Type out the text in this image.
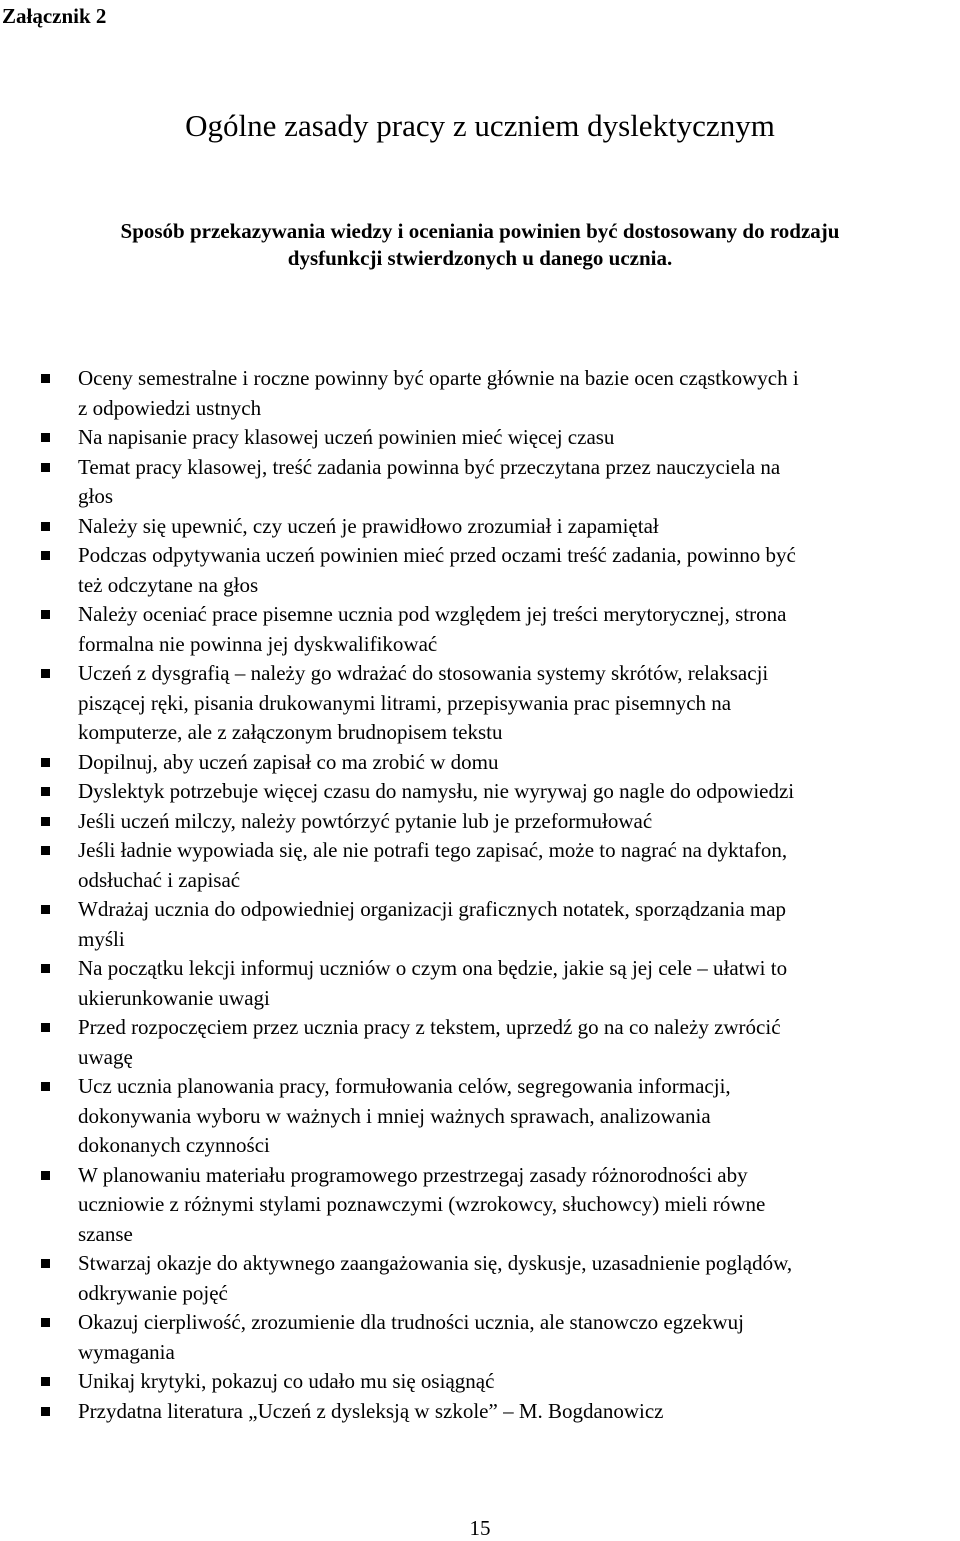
Załącznik 2
Ogólne zasady pracy z uczniem dyslektycznym

Sposób przekazywania wiedzy i oceniania powinien być dostosowany do rodzaju
dysfunkcji stwierdzonych u danego ucznia.

Oceny semestralne i roczne powinny być oparte głównie na bazie ocen cząstkowych i
z odpowiedzi ustnych
Na napisanie pracy klasowej uczeń powinien mieć więcej czasu
Temat pracy klasowej, treść zadania powinna być przeczytana przez nauczyciela na
głos
Należy się upewnić, czy uczeń je prawidłowo zrozumiał i zapamiętał
Podczas odpytywania uczeń powinien mieć przed oczami treść zadania, powinno być
też odczytane na głos
Należy oceniać prace pisemne ucznia pod względem jej treści merytorycznej, strona
formalna nie powinna jej dyskwalifikować
Uczeń z dysgrafią – należy go wdrażać do stosowania systemy skrótów, relaksacji
piszącej ręki, pisania drukowanymi litrami, przepisywania prac pisemnych na
komputerze, ale z załączonym brudnopisem tekstu
Dopilnuj, aby uczeń zapisał co ma zrobić w domu
Dyslektyk potrzebuje więcej czasu do namysłu, nie wyrywaj go nagle do odpowiedzi
Jeśli uczeń milczy, należy powtórzyć pytanie lub je przeformułować
Jeśli ładnie wypowiada się, ale nie potrafi tego zapisać, może to nagrać na dyktafon,
odsłuchać i zapisać
Wdrażaj ucznia do odpowiedniej organizacji graficznych notatek, sporządzania map
myśli
Na początku lekcji informuj uczniów o czym ona będzie, jakie są jej cele – ułatwi to
ukierunkowanie uwagi
Przed rozpoczęciem przez ucznia pracy z tekstem, uprzedź go na co należy zwrócić
uwagę
Ucz ucznia planowania pracy, formułowania celów, segregowania informacji,
dokonywania wyboru w ważnych i mniej ważnych sprawach, analizowania
dokonanych czynności
W planowaniu materiału programowego przestrzegaj zasady różnorodności aby
uczniowie z różnymi stylami poznawczymi (wzrokowcy, słuchowcy) mieli równe
szanse
Stwarzaj okazje do aktywnego zaangażowania się, dyskusje, uzasadnienie poglądów,
odkrywanie pojęć
Okazuj cierpliwość, zrozumienie dla trudności ucznia, ale stanowczo egzekwuj
wymagania
Unikaj krytyki, pokazuj co udało mu się osiągnąć
Przydatna literatura „Uczeń z dysleksją w szkole” – M. Bogdanowicz

15
